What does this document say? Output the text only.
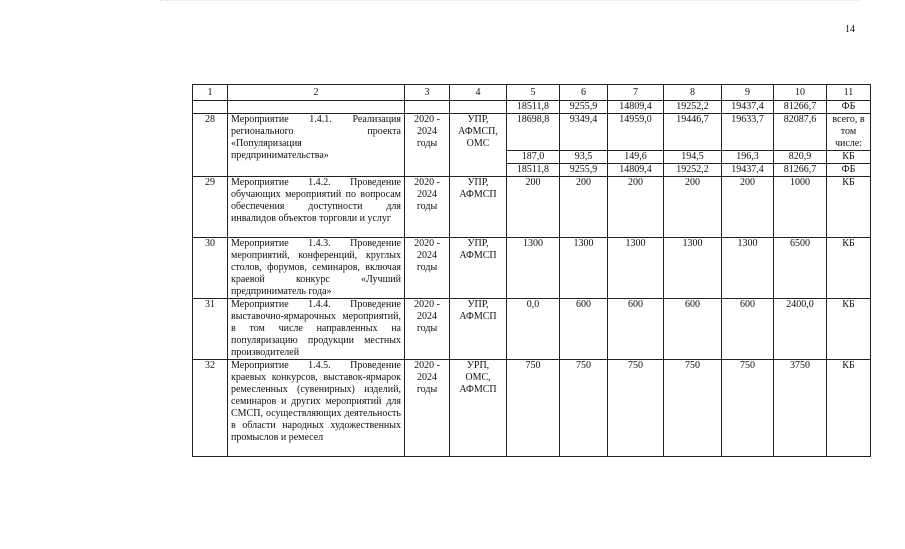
14
1	2	3	4	5	6	7	8	9	10	11
				18511,8	9255,9	14809,4	19252,2	19437,4	81266,7	ФБ
28	Мероприятие 1.4.1. Реализация регионального проекта «Популяризация предпринимательства»	2020 - 2024 годы	УПР, АФМСП, ОМС	18698,8	9349,4	14959,0	19446,7	19633,7	82087,6	всего, в том числе:
				187,0	93,5	149,6	194,5	196,3	820,9	КБ
				18511,8	9255,9	14809,4	19252,2	19437,4	81266,7	ФБ
29	Мероприятие 1.4.2. Проведение обучающих мероприятий по вопросам обеспечения доступности для инвалидов объектов торговли и услуг	2020 - 2024 годы	УПР, АФМСП	200	200	200	200	200	1000	КБ
30	Мероприятие 1.4.3. Проведение мероприятий, конференций, круглых столов, форумов, семинаров, включая краевой конкурс «Лучший предприниматель года»	2020 - 2024 годы	УПР, АФМСП	1300	1300	1300	1300	1300	6500	КБ
31	Мероприятие 1.4.4. Проведение выставочно-ярмарочных мероприятий, в том числе направленных на популяризацию продукции местных производителей	2020 - 2024 годы	УПР, АФМСП	0,0	600	600	600	600	2400,0	КБ
32	Мероприятие 1.4.5. Проведение краевых конкурсов, выставок-ярмарок ремесленных (сувенирных) изделий, семинаров и других мероприятий для СМСП, осуществляющих деятельность в области народных художественных промыслов и ремесел	2020 - 2024 годы	УРП, ОМС, АФМСП	750	750	750	750	750	3750	КБ
